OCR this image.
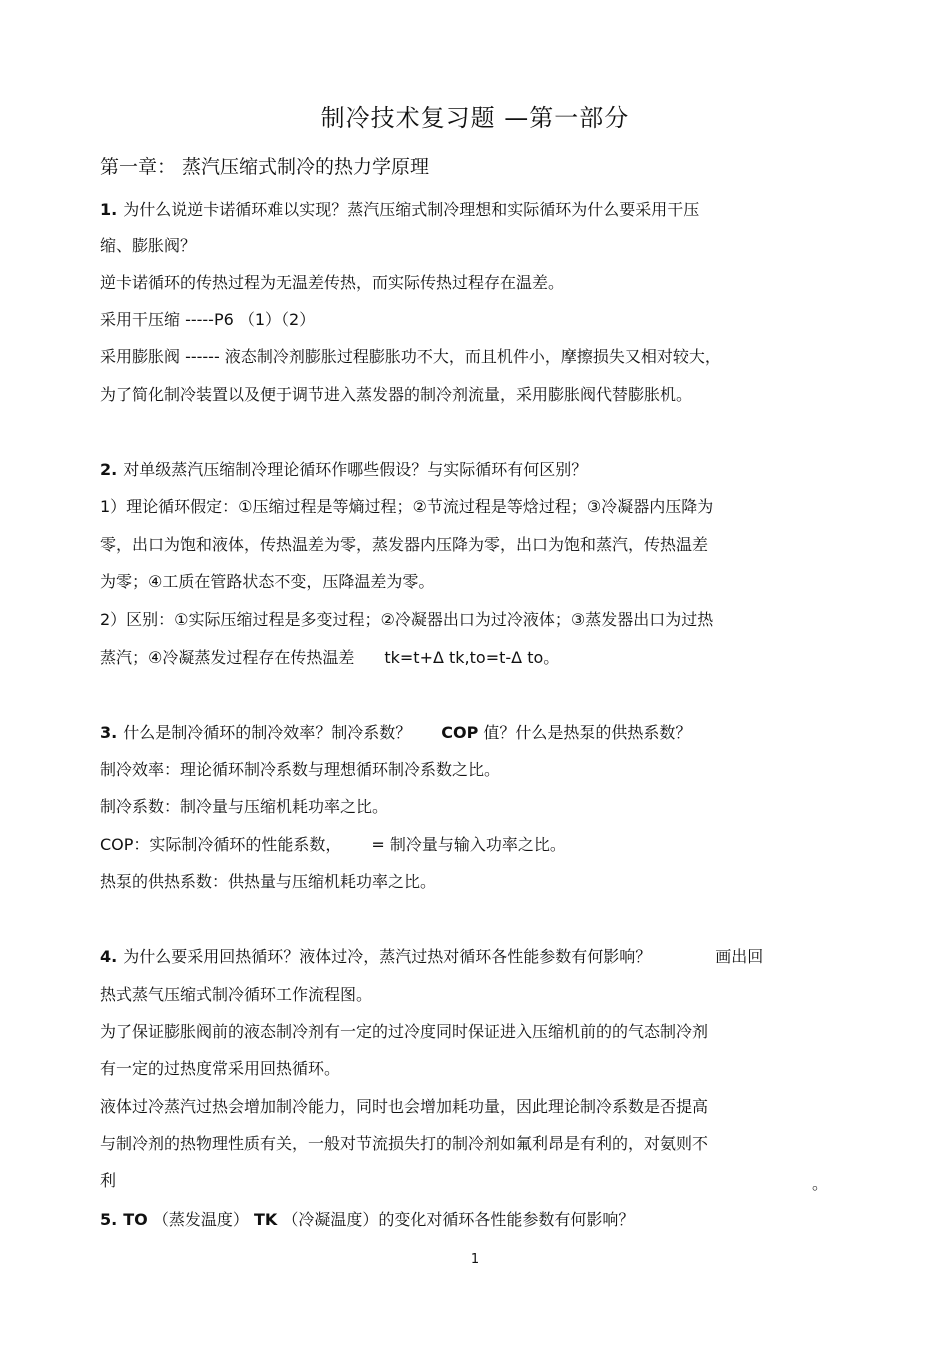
制冷技术复习题 —第一部分
第一章： 蒸汽压缩式制冷的热力学原理
1. 为什么说逆卡诺循环难以实现？蒸汽压缩式制冷理想和实际循环为什么要采用干压
缩、膨胀阀？
逆卡诺循环的传热过程为无温差传热，而实际传热过程存在温差。
采用干压缩 -----P6 （1）（2）
采用膨胀阀 ------ 液态制冷剂膨胀过程膨胀功不大，而且机件小，摩擦损失又相对较大，
为了简化制冷装置以及便于调节进入蒸发器的制冷剂流量，采用膨胀阀代替膨胀机。
2. 对单级蒸汽压缩制冷理论循环作哪些假设？与实际循环有何区别？
1）理论循环假定：①压缩过程是等熵过程；②节流过程是等焓过程；③冷凝器内压降为
零，出口为饱和液体，传热温差为零，蒸发器内压降为零，出口为饱和蒸汽，传热温差
为零；④工质在管路状态不变，压降温差为零。
2）区别：①实际压缩过程是多变过程；②冷凝器出口为过冷液体；③蒸发器出口为过热
蒸汽；④冷凝蒸发过程存在传热温差 tk=t+Δ tk,to=t-Δ to。
3. 什么是制冷循环的制冷效率？制冷系数？ COP 值？什么是热泵的供热系数？
制冷效率：理论循环制冷系数与理想循环制冷系数之比。
制冷系数：制冷量与压缩机耗功率之比。
COP：实际制冷循环的性能系数， = 制冷量与输入功率之比。
热泵的供热系数：供热量与压缩机耗功率之比。
4. 为什么要采用回热循环？液体过冷，蒸汽过热对循环各性能参数有何影响？	画出回
热式蒸气压缩式制冷循环工作流程图。
为了保证膨胀阀前的液态制冷剂有一定的过冷度同时保证进入压缩机前的的气态制冷剂
有一定的过热度常采用回热循环。
液体过冷蒸汽过热会增加制冷能力，同时也会增加耗功量，因此理论制冷系数是否提高
与制冷剂的热物理性质有关，一般对节流损失打的制冷剂如氟利昂是有利的，对氨则不
利	。
5. TO （蒸发温度） TK （冷凝温度）的变化对循环各性能参数有何影响？
1
